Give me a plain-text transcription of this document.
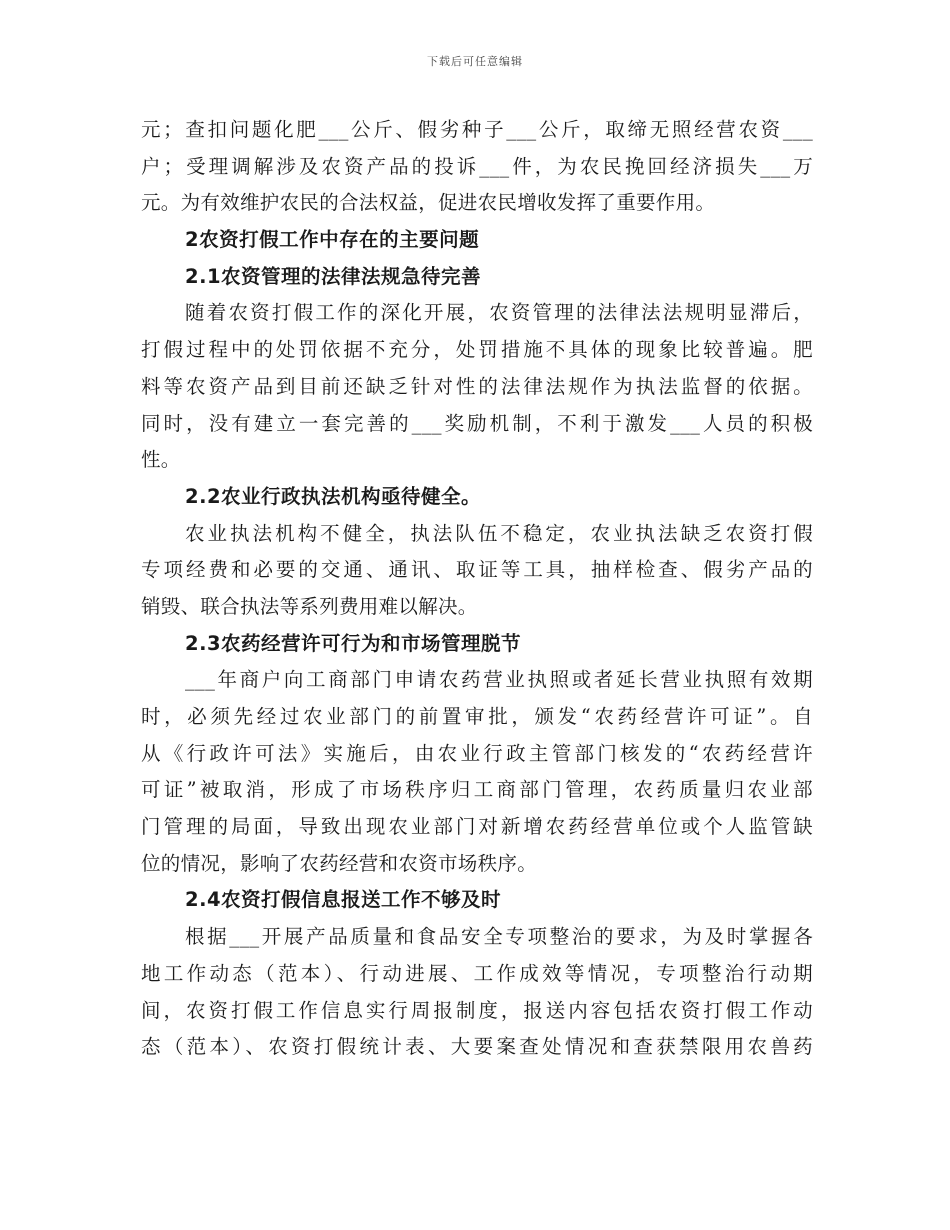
下载后可任意编辑
元；查扣问题化肥___公斤、假劣种子___公斤，取缔无照经营农资___
户；受理调解涉及农资产品的投诉___件，为农民挽回经济损失___万
元。为有效维护农民的合法权益，促进农民增收发挥了重要作用。
2农资打假工作中存在的主要问题
2.1农资管理的法律法规急待完善
随着农资打假工作的深化开展，农资管理的法律法法规明显滞后，
打假过程中的处罚依据不充分，处罚措施不具体的现象比较普遍。肥
料等农资产品到目前还缺乏针对性的法律法规作为执法监督的依据。
同时，没有建立一套完善的___奖励机制，不利于激发___人员的积极
性。
2.2农业行政执法机构亟待健全。
农业执法机构不健全，执法队伍不稳定，农业执法缺乏农资打假
专项经费和必要的交通、通讯、取证等工具，抽样检查、假劣产品的
销毁、联合执法等系列费用难以解决。
2.3农药经营许可行为和市场管理脱节
___年商户向工商部门申请农药营业执照或者延长营业执照有效期
时，必须先经过农业部门的前置审批，颁发“农药经营许可证”。自
从《行政许可法》实施后，由农业行政主管部门核发的“农药经营许
可证”被取消，形成了市场秩序归工商部门管理，农药质量归农业部
门管理的局面，导致出现农业部门对新增农药经营单位或个人监管缺
位的情况，影响了农药经营和农资市场秩序。
2.4农资打假信息报送工作不够及时
根据___开展产品质量和食品安全专项整治的要求，为及时掌握各
地工作动态（范本）、行动进展、工作成效等情况，专项整治行动期
间，农资打假工作信息实行周报制度，报送内容包括农资打假工作动
态（范本）、农资打假统计表、大要案查处情况和查获禁限用农兽药
